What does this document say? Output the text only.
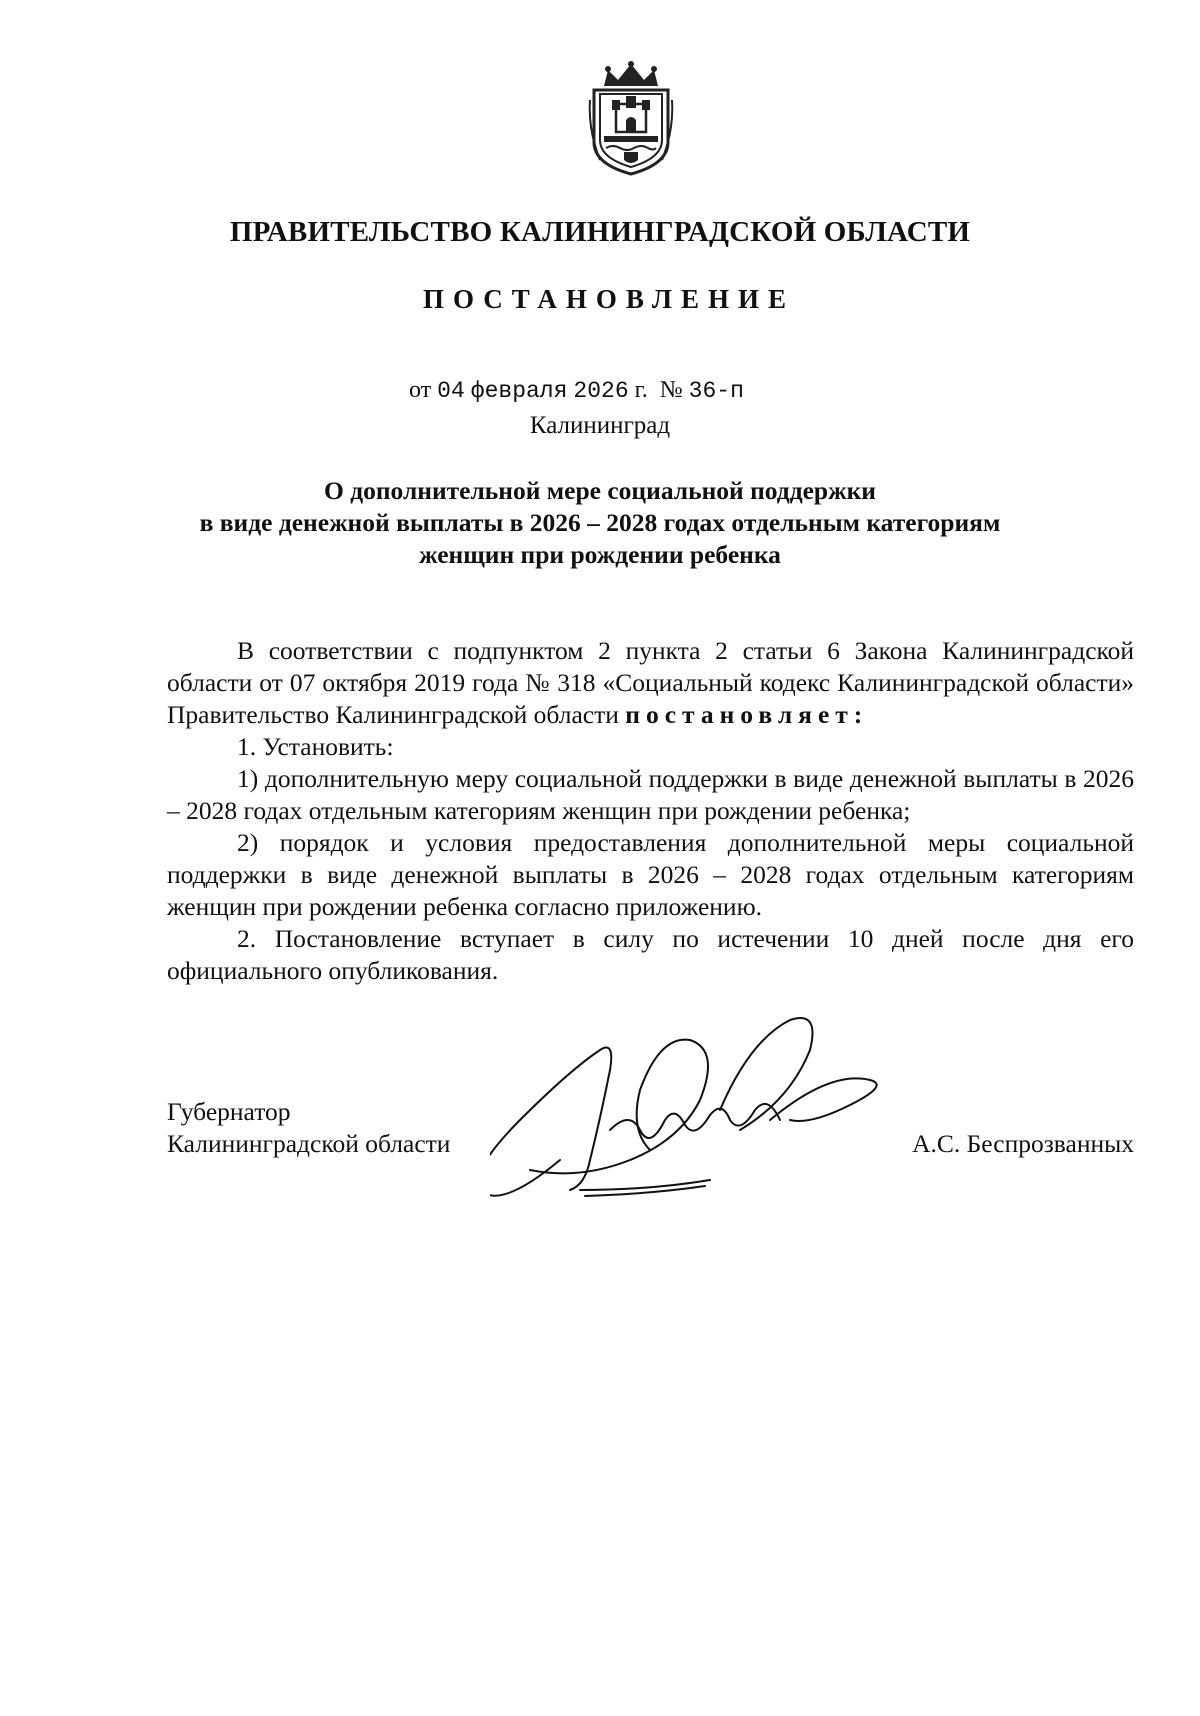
ПРАВИТЕЛЬСТВО КАЛИНИНГРАДСКОЙ ОБЛАСТИ
ПОСТАНОВЛЕНИЕ
от 04 февраля 2026 г. № 36-п
Калининград
О дополнительной мере социальной поддержки
в виде денежной выплаты в 2026 – 2028 годах отдельным категориям
женщин при рождении ребенка

В соответствии с подпунктом 2 пункта 2 статьи 6 Закона Калининградской области от 07 октября 2019 года № 318 «Социальный кодекс Калининградской области» Правительство Калининградской области постановляет:

1. Установить:

1) дополнительную меру социальной поддержки в виде денежной выплаты в 2026 – 2028 годах отдельным категориям женщин при рождении ребенка;

2) порядок и условия предоставления дополнительной меры социальной поддержки в виде денежной выплаты в 2026 – 2028 годах отдельным категориям женщин при рождении ребенка согласно приложению.

2. Постановление вступает в силу по истечении 10 дней после дня его официального опубликования.

Губернатор
Калининградской области	А.С. Беспрозванных
